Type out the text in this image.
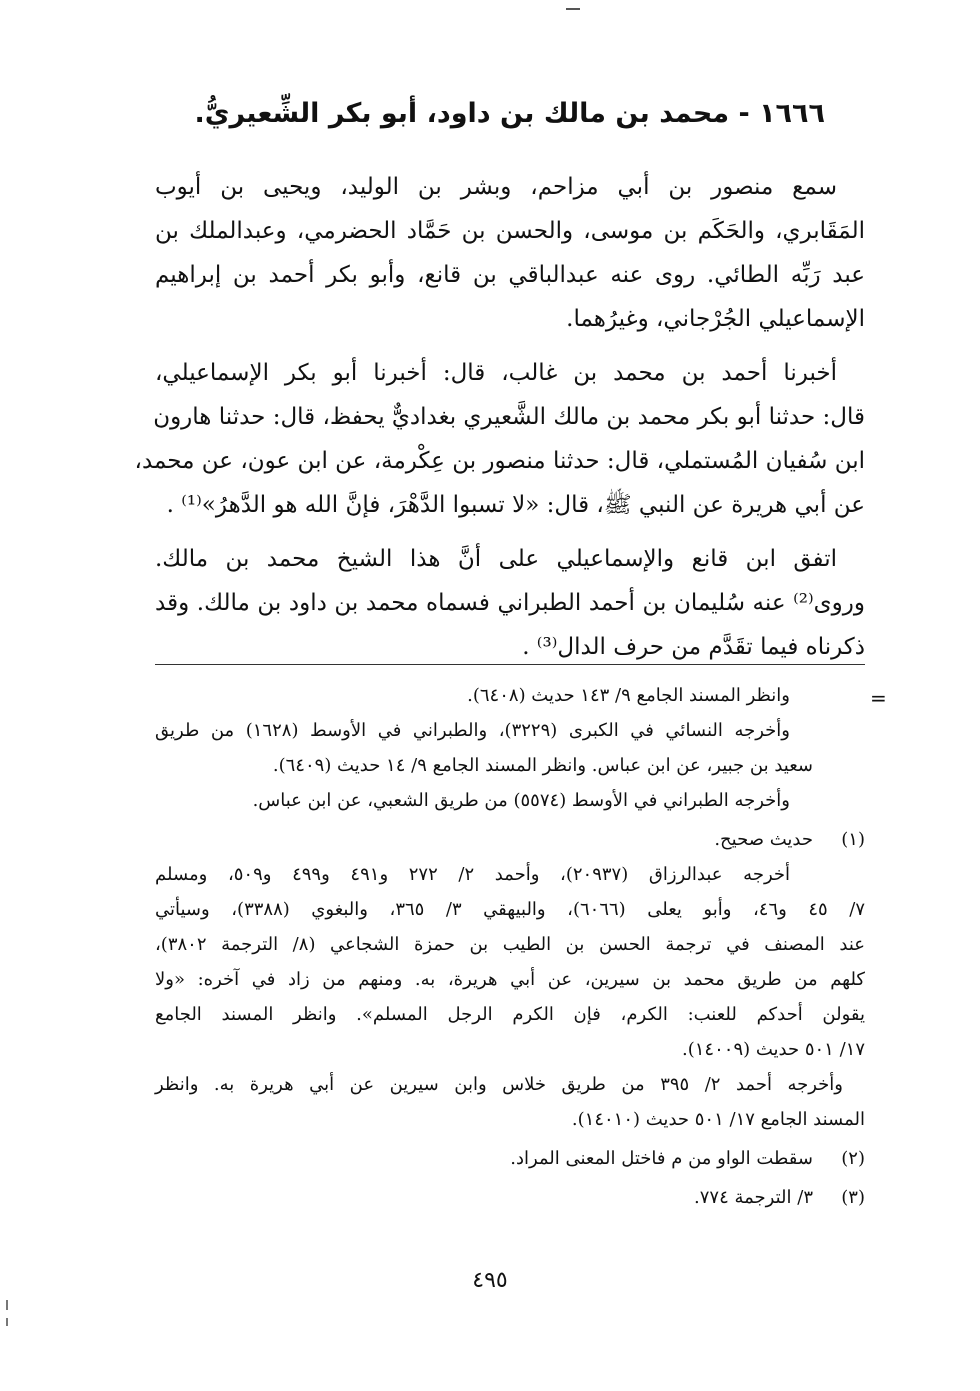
١٦٦٦ - محمد بن مالك بن داود، أبو بكر الشِّعيريُّ.
سمع منصور بن أبي مزاحم، وبشر بن الوليد، ويحيى بن أيوب
المَقَابري، والحَكَم بن موسى، والحسن بن حَمَّاد الحضرمي، وعبدالملك بن
عبد رَبِّه الطائي. روى عنه عبدالباقي بن قانع، وأبو بكر أحمد بن إبراهيم
الإسماعيلي الجُرْجاني، وغيرُهما.
أخبرنا أحمد بن محمد بن غالب، قال: أخبرنا أبو بكر الإسماعيلي،
قال: حدثنا أبو بكر محمد بن مالك الشَّعيري بغداديٌّ يحفظ، قال: حدثنا هارون
ابن سُفيان المُستملي، قال: حدثنا منصور بن عِكْرمة، عن ابن عون، عن محمد،
عن أبي هريرة عن النبي ﷺ، قال: «لا تسبوا الدَّهْرَ، فإنَّ الله هو الدَّهرُ»⁽¹⁾ .
اتفق ابن قانع والإسماعيلي على أنَّ هذا الشيخ محمد بن مالك.
وروى⁽²⁾ عنه سُليمان بن أحمد الطبراني فسماه محمد بن داود بن مالك. وقد
ذكرناه فيما تقَدَّم من حرف الدال⁽³⁾ .
=
وانظر المسند الجامع ٩/ ١٤٣ حديث (٦٤٠٨).
وأخرجه النسائي في الكبرى (٣٢٢٩)، والطبراني في الأوسط (١٦٢٨) من طريق
سعيد بن جبير، عن ابن عباس. وانظر المسند الجامع ٩/ ١٤ حديث (٦٤٠٩).
وأخرجه الطبراني في الأوسط (٥٥٧٤) من طريق الشعبي، عن ابن عباس.
(١)
حديث صحيح.
أخرجه عبدالرزاق (٢٠٩٣٧)، وأحمد ٢/ ٢٧٢ و٤٩١ و٤٩٩ و٥٠٩، ومسلم
٧/ ٤٥ و٤٦، وأبو يعلى (٦٠٦٦)، والبيهقي ٣/ ٣٦٥، والبغوي (٣٣٨٨)، وسيأتي
عند المصنف في ترجمة الحسن بن الطيب بن حمزة الشجاعي (٨/ الترجمة ٣٨٠٢)،
كلهم من طريق محمد بن سيرين، عن أبي هريرة، به. ومنهم من زاد في آخره: «ولا
يقولن أحدكم للعنب: الكرم، فإن الكرم الرجل المسلم». وانظر المسند الجامع
١٧/ ٥٠١ حديث (١٤٠٠٩).
وأخرجه أحمد ٢/ ٣٩٥ من طريق خلاس وابن سيرين عن أبي هريرة به. وانظر
المسند الجامع ١٧/ ٥٠١ حديث (١٤٠١٠).
(٢)
سقطت الواو من م فاختل المعنى المراد.
(٣)
٣/ الترجمة ٧٧٤.
٤٩٥
